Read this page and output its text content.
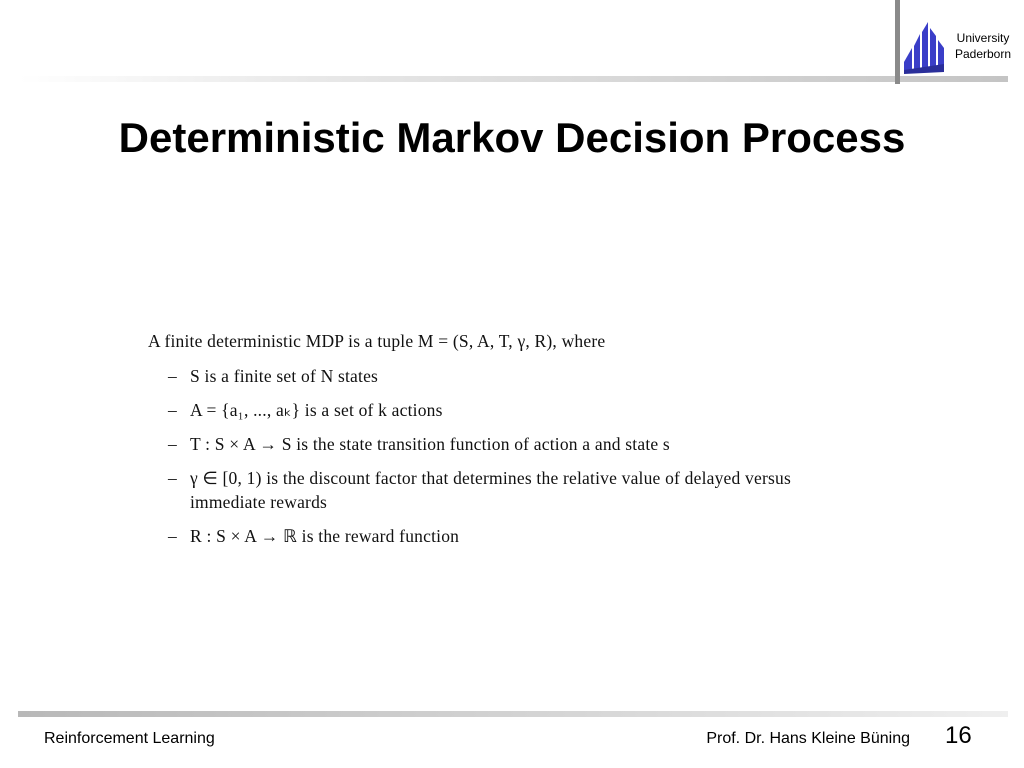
University
Paderborn
Deterministic Markov Decision Process
A finite deterministic MDP is a tuple M = (S, A, T, γ, R), where
– S is a finite set of N states
– A = {a₁, ..., aₖ} is a set of k actions
– T : S × A → S is the state transition function of action a and state s
– γ ∈ [0, 1) is the discount factor that determines the relative value of delayed versus immediate rewards
– R : S × A → ℝ is the reward function
Reinforcement Learning	Prof. Dr. Hans Kleine Büning 16
